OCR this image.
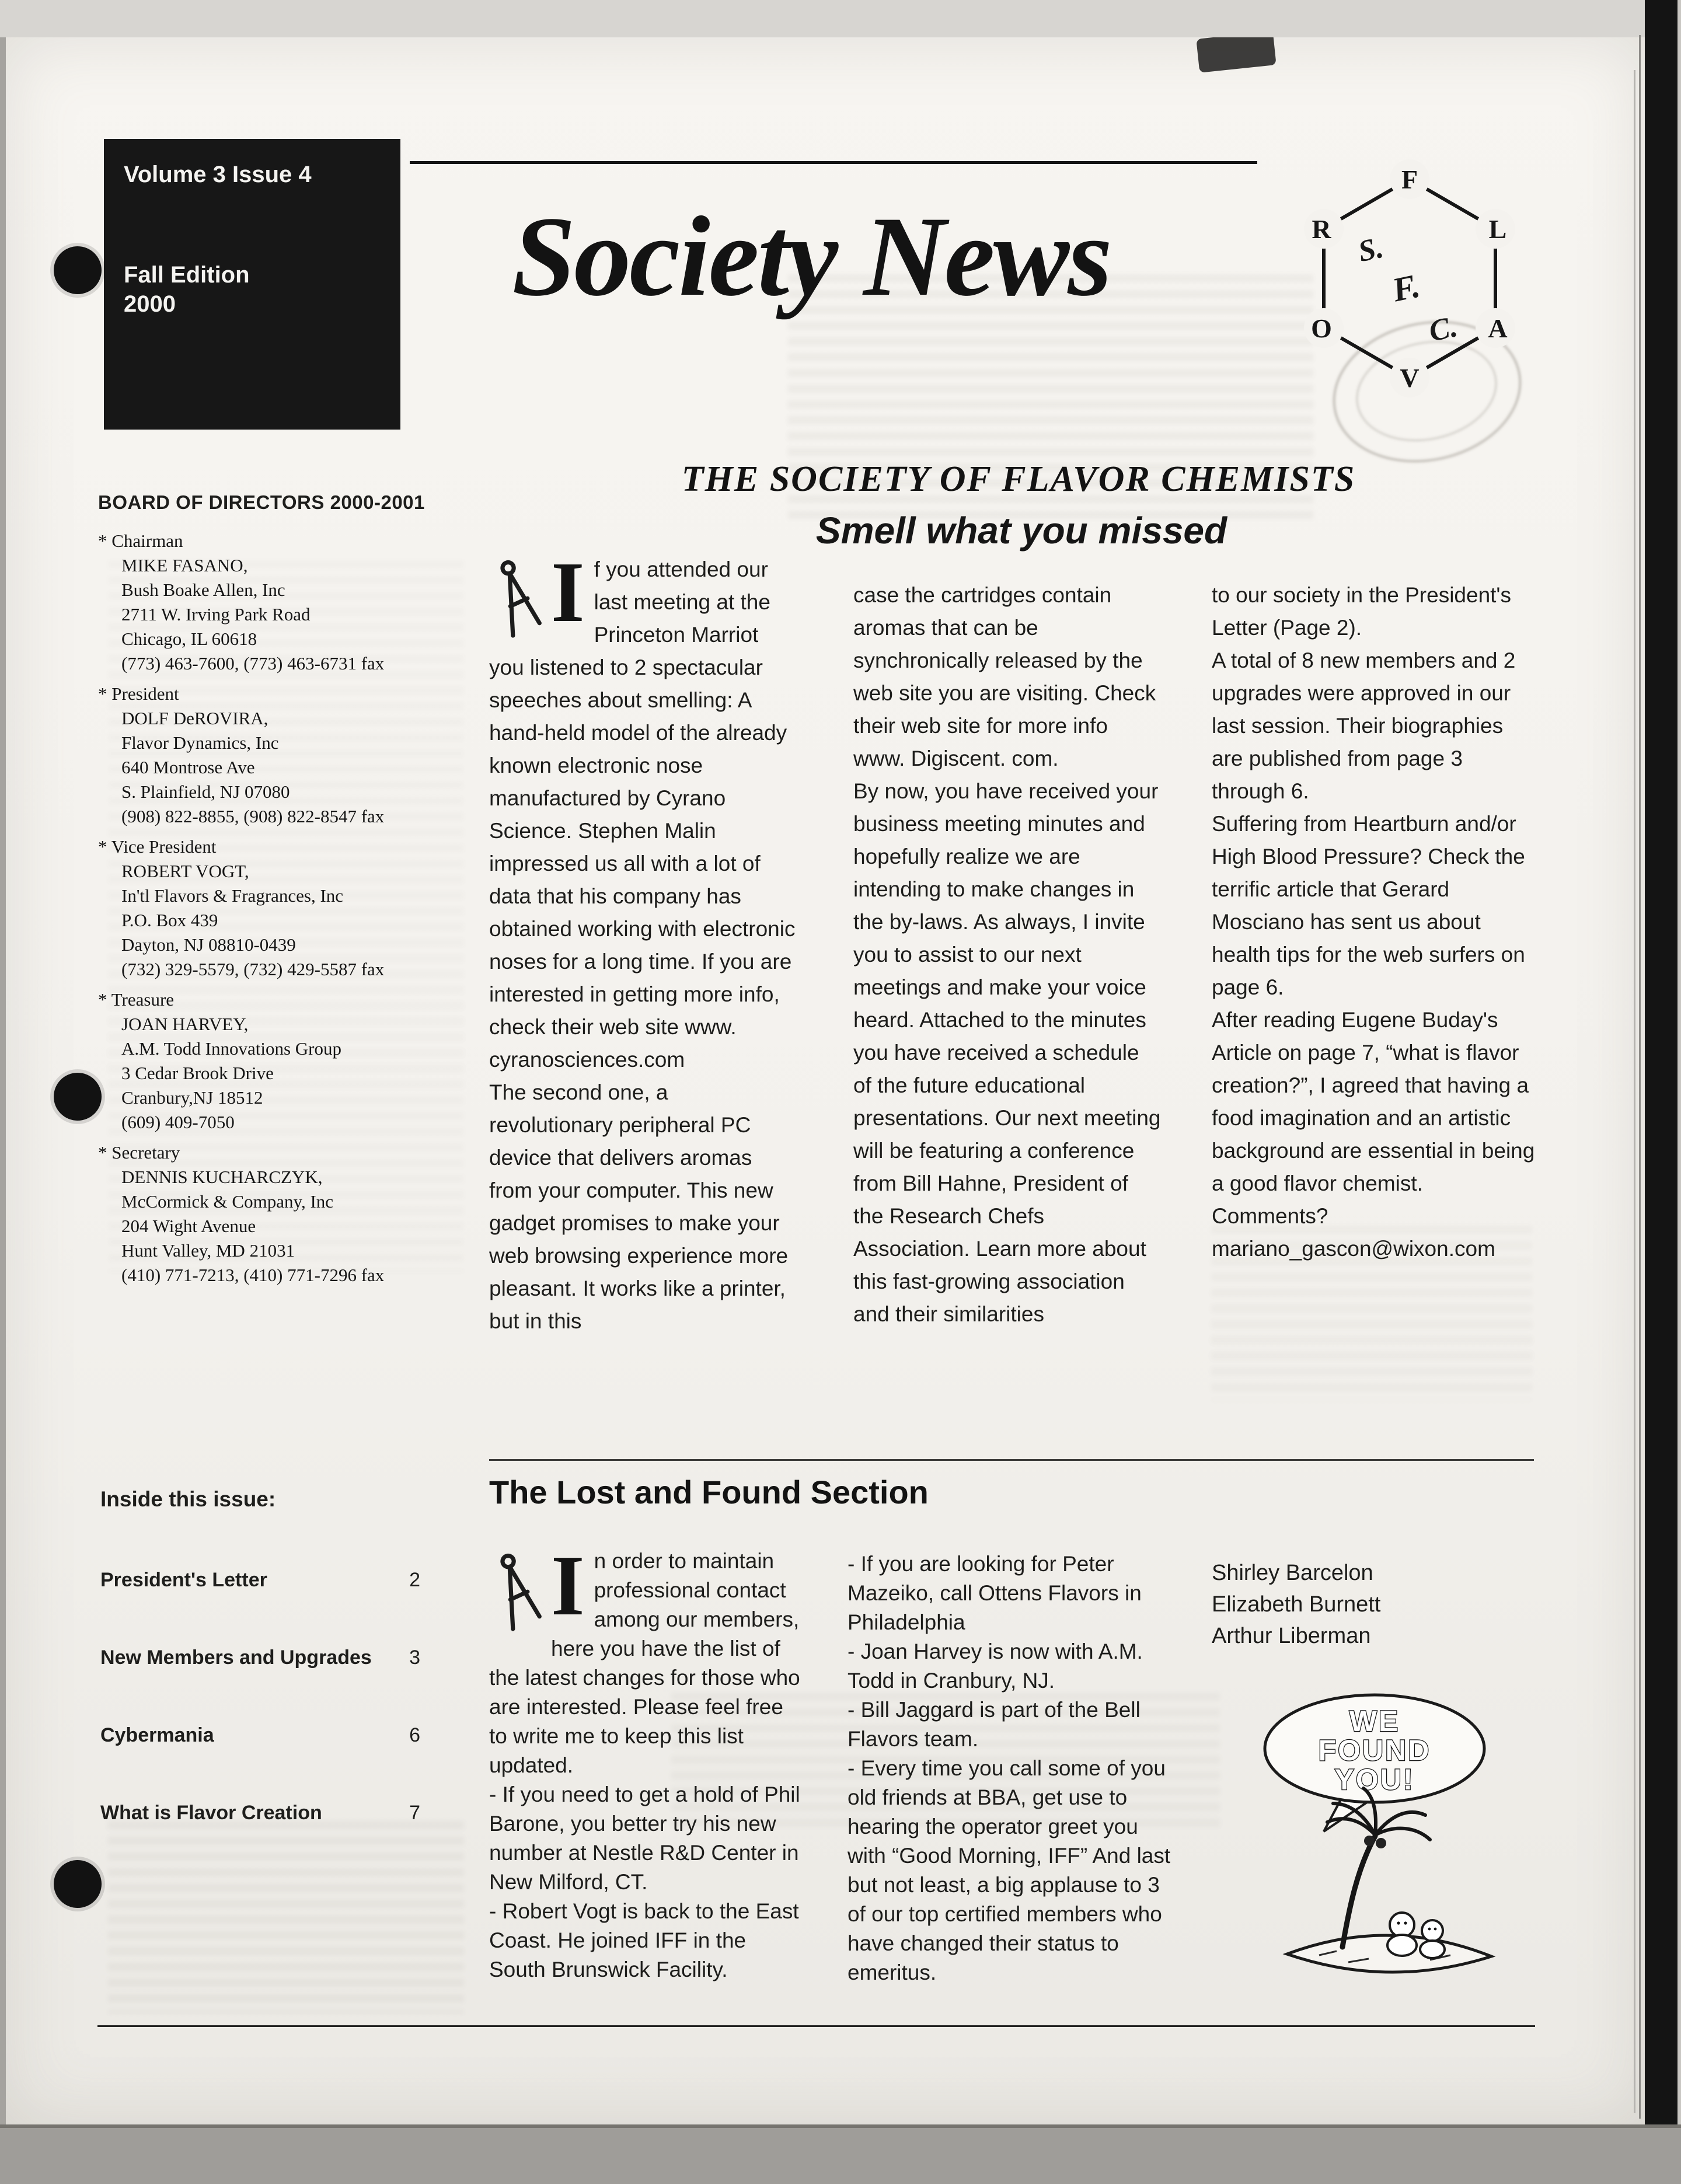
Volume 3 Issue 4
Fall Edition
2000	Society News
F
L
A
V
O
R
S.
F.
C.
THE SOCIETY OF FLAVOR CHEMISTS
Smell what you missed
BOARD OF DIRECTORS 2000-2001
* Chairman
MIKE FASANO,
Bush Boake Allen, Inc
2711 W. Irving Park Road
Chicago, IL 60618
(773) 463-7600, (773) 463-6731 fax
* President
DOLF DeROVIRA,
Flavor Dynamics, Inc
640 Montrose Ave
S. Plainfield, NJ 07080
(908) 822-8855, (908) 822-8547 fax
* Vice President
ROBERT VOGT,
In'tl Flavors & Fragrances, Inc
P.O. Box 439
Dayton, NJ 08810-0439
(732) 329-5579, (732) 429-5587 fax
* Treasure
JOAN HARVEY,
A.M. Todd Innovations Group
3 Cedar Brook Drive
Cranbury,NJ 18512
(609) 409-7050
* Secretary
DENNIS KUCHARCZYK,
McCormick & Company, Inc
204 Wight Avenue
Hunt Valley, MD 21031
(410) 771-7213, (410) 771-7296 fax
Inside this issue:
President's Letter	2
New Members and Upgrades 3
Cybermania	6
What is Flavor Creation	7
I f you attended our last meeting at the Princeton Marriot you listened to 2 spectacular speeches about smelling: A hand-held model of the already known electronic nose manufactured by Cyrano Science. Stephen Malin impressed us all with a lot of data that his company has obtained working with electronic noses for a long time. If you are interested in getting more info, check their web site www. cyranosciences.com

The second one, a revolutionary peripheral PC device that delivers aromas from your computer. This new gadget promises to make your web browsing experience more pleasant. It works like a printer, but in this

case the cartridges contain aromas that can be synchronically released by the web site you are visiting. Check their web site for more info www. Digiscent. com.

By now, you have received your business meeting minutes and hopefully realize we are intending to make changes in the by-laws. As always, I invite you to assist to our next meetings and make your voice heard. Attached to the minutes you have received a schedule of the future educational presentations. Our next meeting will be featuring a conference from Bill Hahne, President of the Research Chefs Association. Learn more about this fast-growing association and their similarities

to our society in the President's Letter (Page 2).

A total of 8 new members and 2 upgrades were approved in our last session. Their biographies are published from page 3 through 6.

Suffering from Heartburn and/or High Blood Pressure? Check the terrific article that Gerard Mosciano has sent us about health tips for the web surfers on page 6.

After reading Eugene Buday's Article on page 7, “what is flavor creation?”, I agreed that having a food imagination and an artistic background are essential in being a good flavor chemist.

Comments?

mariano_gascon@wixon.com

The Lost and Found Section
I n order to maintain professional contact among our members, here you have the list of the latest changes for those who are interested. Please feel free to write me to keep this list updated.

- If you need to get a hold of Phil Barone, you better try his new number at Nestle R&D Center in New Milford, CT.

- Robert Vogt is back to the East Coast. He joined IFF in the South Brunswick Facility.

- If you are looking for Peter Mazeiko, call Ottens Flavors in Philadelphia

- Joan Harvey is now with A.M. Todd in Cranbury, NJ.

- Bill Jaggard is part of the Bell Flavors team.

- Every time you call some of you old friends at BBA, get use to hearing the operator greet you with “Good Morning, IFF” And last but not least, a big applause to 3 of our top certified members who have changed their status to emeritus.

Shirley Barcelon

Elizabeth Burnett

Arthur Liberman

WE
FOUND
YOU!
